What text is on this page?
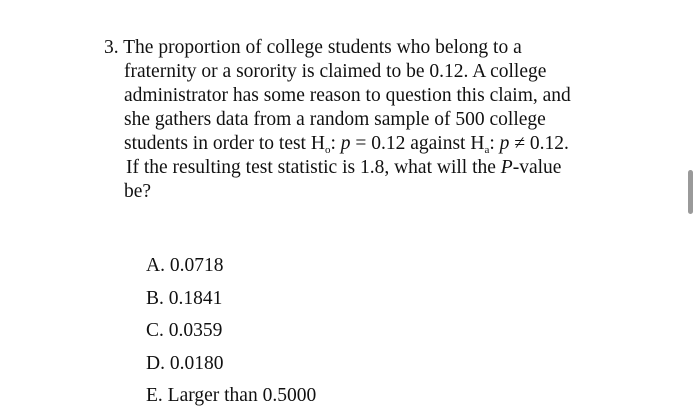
3. The proportion of college students who belong to a
fraternity or a sorority is claimed to be 0.12. A college
administrator has some reason to question this claim, and
she gathers data from a random sample of 500 college
students in order to test $H_o$: p = 0.12 against $H_a$: p ≠ 0.12.
If the resulting test statistic is 1.8, what will the P-value
be?
A. 0.0718
B. 0.1841
C. 0.0359
D. 0.0180
E. Larger than 0.5000
